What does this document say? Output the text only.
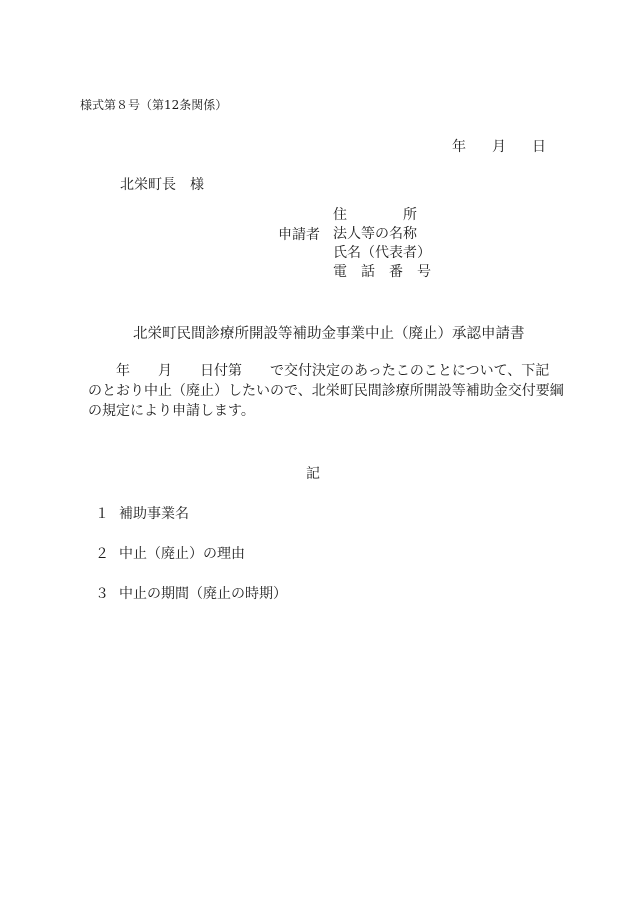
様式第８号（第12条関係）
年 月 日
北栄町長　様
申請者
住　　　　所
法人等の名称
氏名（代表者）
電　話　番　号
北栄町民間診療所開設等補助金事業中止（廃止）承認申請書
　　年　　月　　日付第　　で交付決定のあったこのことについて、下記
のとおり中止（廃止）したいので、北栄町民間診療所開設等補助金交付要綱
の規定により申請します。
記
１ 補助事業名
２ 中止（廃止）の理由
３ 中止の期間（廃止の時期）
